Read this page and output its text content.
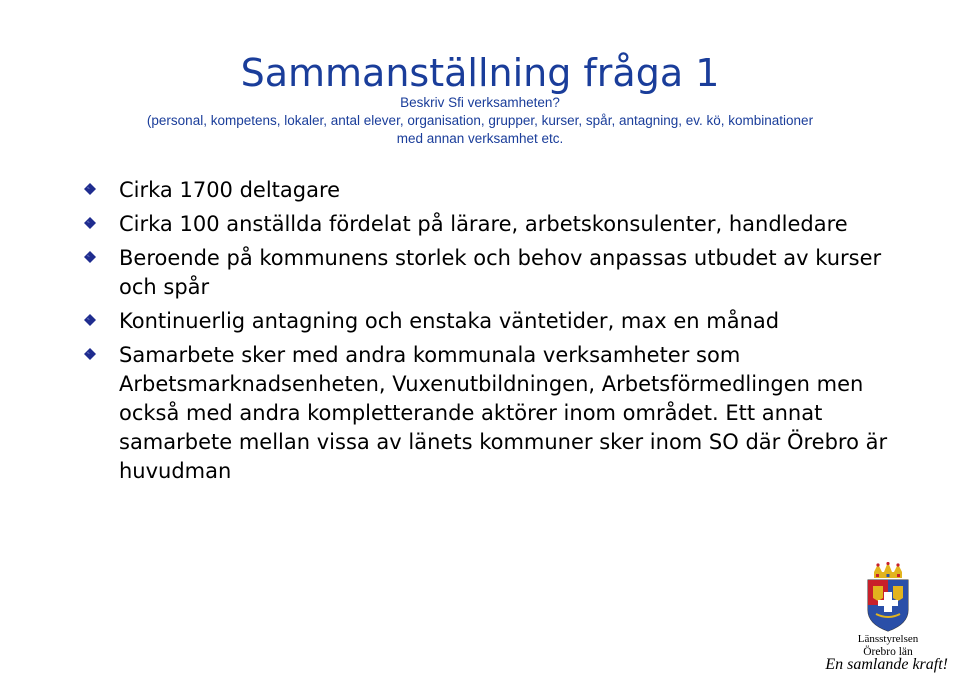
Sammanställning fråga 1
Beskriv Sfi verksamheten?
(personal, kompetens, lokaler, antal elever, organisation, grupper, kurser, spår, antagning, ev. kö, kombinationer
med annan verksamhet etc.
Cirka 1700 deltagare
Cirka 100 anställda fördelat på lärare, arbetskonsulenter, handledare
Beroende på kommunens storlek och behov anpassas utbudet av kurser och spår
Kontinuerlig antagning och enstaka väntetider, max en månad
Samarbete sker med andra kommunala verksamheter som Arbetsmarknadsenheten, Vuxenutbildningen, Arbetsförmedlingen men också med andra kompletterande aktörer inom området. Ett annat samarbete mellan vissa av länets kommuner sker inom SO där Örebro är huvudman
Länsstyrelsen
Örebro län
En samlande kraft!
